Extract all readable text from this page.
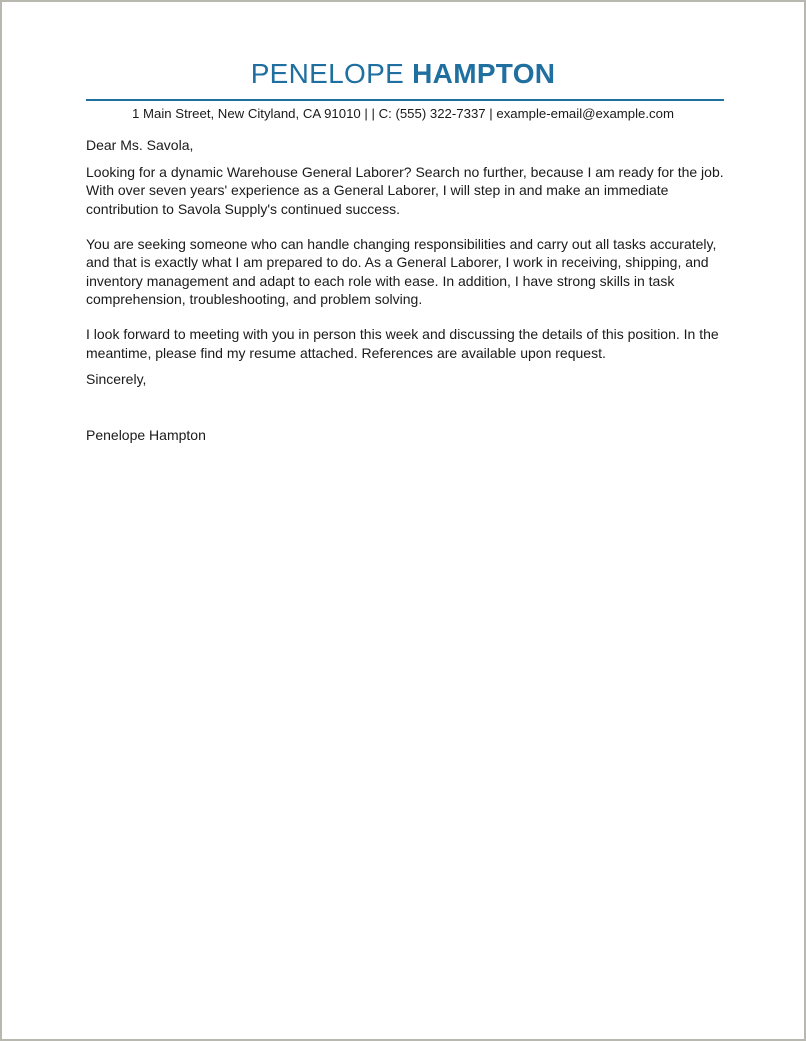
PENELOPE HAMPTON
1 Main Street, New Cityland, CA 91010 | | C: (555) 322-7337 | example-email@example.com

Dear Ms. Savola,

Looking for a dynamic Warehouse General Laborer? Search no further, because I am ready for the job. With over seven years' experience as a General Laborer, I will step in and make an immediate contribution to Savola Supply's continued success.

You are seeking someone who can handle changing responsibilities and carry out all tasks accurately, and that is exactly what I am prepared to do. As a General Laborer, I work in receiving, shipping, and inventory management and adapt to each role with ease. In addition, I have strong skills in task comprehension, troubleshooting, and problem solving.

I look forward to meeting with you in person this week and discussing the details of this position. In the meantime, please find my resume attached. References are available upon request.

Sincerely,

Penelope Hampton
